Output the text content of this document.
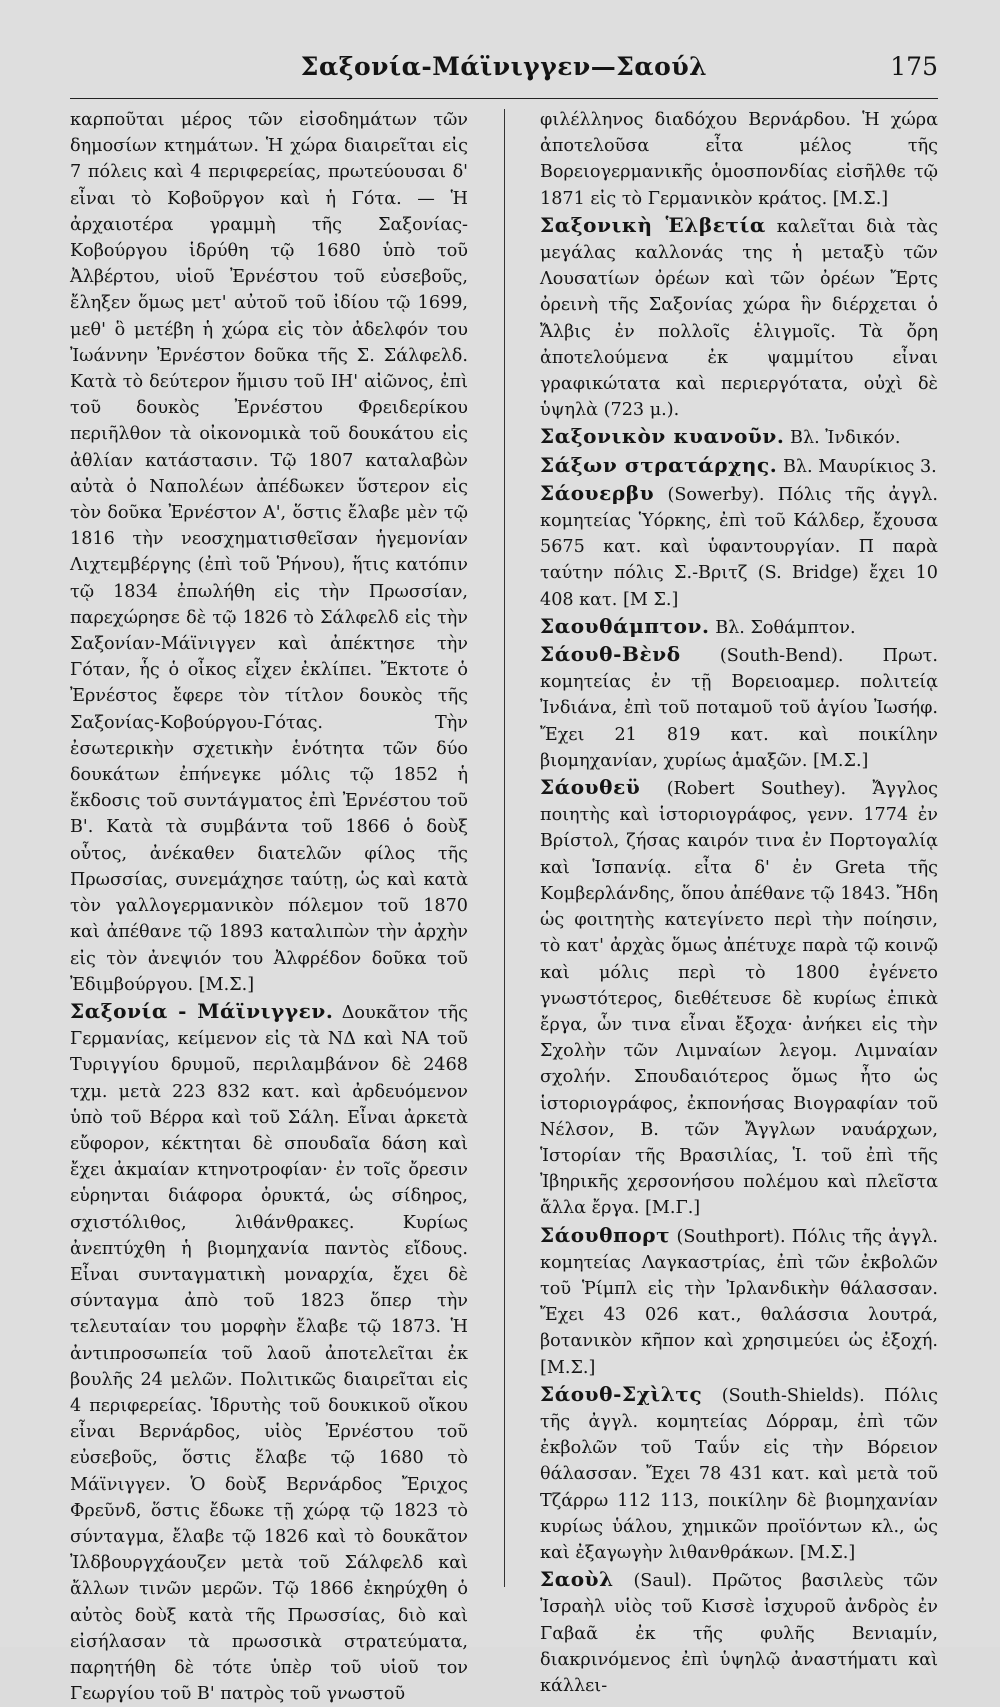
Σαξονία-Μάϊνιγγεν—Σαούλ	175

καρποῦται μέρος τῶν εἰσοδημάτων τῶν δημοσίων κτημάτων. Ἡ χώρα διαιρεῖται εἰς 7 πόλεις καὶ 4 περιφερείας, πρωτεύουσαι δ' εἶναι τὸ Κοβοῦργον καὶ ἡ Γότα. — Ἡ ἀρχαιοτέρα γραμμὴ τῆς Σαξονίας-Κοβούργου ἱδρύθη τῷ 1680 ὑπὸ τοῦ Ἀλβέρτου, υἱοῦ Ἐρνέστου τοῦ εὐσεβοῦς, ἔληξεν ὅμως μετ' αὐτοῦ τοῦ ἰδίου τῷ 1699, μεθ' ὃ μετέβη ἡ χώρα εἰς τὸν ἀδελφόν του Ἰωάννην Ἐρνέστον δοῦκα τῆς Σ. Σάλφελδ. Κατὰ τὸ δεύτερον ἥμισυ τοῦ ΙΗ' αἰῶνος, ἐπὶ τοῦ δουκὸς Ἐρνέστου Φρειδερίκου περιῆλθον τὰ οἰκονομικὰ τοῦ δουκάτου εἰς ἀθλίαν κατάστασιν. Τῷ 1807 καταλαβὼν αὐτὰ ὁ Ναπολέων ἀπέδωκεν ὕστερον εἰς τὸν δοῦκα Ἐρνέστον Α', ὅστις ἔλαβε μὲν τῷ 1816 τὴν νεοσχηματισθεῖσαν ἡγεμονίαν Λιχτεμβέργης (ἐπὶ τοῦ Ῥήνου), ἥτις κατόπιν τῷ 1834 ἐπωλήθη εἰς τὴν Πρωσσίαν, παρεχώρησε δὲ τῷ 1826 τὸ Σάλφελδ εἰς τὴν Σαξονίαν-Μάϊνιγγεν καὶ ἀπέκτησε τὴν Γόταν, ἧς ὁ οἶκος εἶχεν ἐκλίπει. Ἔκτοτε ὁ Ἐρνέστος ἔφερε τὸν τίτλον δουκὸς τῆς Σαξονίας-Κοβούργου-Γότας. Τὴν ἐσωτερικὴν σχετικὴν ἑνότητα τῶν δύο δουκάτων ἐπήνεγκε μόλις τῷ 1852 ἡ ἔκδοσις τοῦ συντάγματος ἐπὶ Ἐρνέστου τοῦ Β'. Κατὰ τὰ συμβάντα τοῦ 1866 ὁ δοὺξ οὗτος, ἀνέκαθεν διατελῶν φίλος τῆς Πρωσσίας, συνεμάχησε ταύτῃ, ὡς καὶ κατὰ τὸν γαλλογερμανικὸν πόλεμον τοῦ 1870 καὶ ἀπέθανε τῷ 1893 καταλιπὼν τὴν ἀρχὴν εἰς τὸν ἀνεψιόν του Ἀλφρέδον δοῦκα τοῦ Ἐδιμβούργου. [Μ.Σ.]

Σαξονία - Μάϊνιγγεν. Δουκᾶτον τῆς Γερμανίας, κείμενον εἰς τὰ ΝΔ καὶ ΝΑ τοῦ Τυριγγίου δρυμοῦ, περιλαμβάνον δὲ 2468 τχμ. μετὰ 223 832 κατ. καὶ ἀρδευόμενον ὑπὸ τοῦ Βέρρα καὶ τοῦ Σάλη. Εἶναι ἀρκετὰ εὔφορον, κέκτηται δὲ σπουδαῖα δάση καὶ ἔχει ἀκμαίαν κτηνοτροφίαν· ἐν τοῖς ὄρεσιν εὑρηνται διάφορα ὀρυκτά, ὡς σίδηρος, σχιστόλιθος, λιθάνθρακες. Κυρίως ἀνεπτύχθη ἡ βιομηχανία παντὸς εἴδους. Εἶναι συνταγματικὴ μοναρχία, ἔχει δὲ σύνταγμα ἀπὸ τοῦ 1823 ὅπερ τὴν τελευταίαν του μορφὴν ἔλαβε τῷ 1873. Ἡ ἀντιπροσωπεία τοῦ λαοῦ ἀποτελεῖται ἐκ βουλῆς 24 μελῶν. Πολιτικῶς διαιρεῖται εἰς 4 περιφερείας. Ἱδρυτὴς τοῦ δουκικοῦ οἴκου εἶναι Βερνάρδος, υἱὸς Ἐρνέστου τοῦ εὐσεβοῦς, ὅστις ἔλαβε τῷ 1680 τὸ Μάϊνιγγεν. Ὁ δοὺξ Βερνάρδος Ἔριχος Φρεῦνδ, ὅστις ἔδωκε τῇ χώρᾳ τῷ 1823 τὸ σύνταγμα, ἔλαβε τῷ 1826 καὶ τὸ δουκᾶτον Ἰλδβουργχάουζεν μετὰ τοῦ Σάλφελδ καὶ ἄλλων τινῶν μερῶν. Τῷ 1866 ἐκηρύχθη ὁ αὐτὸς δοὺξ κατὰ τῆς Πρωσσίας, διὸ καὶ εἰσήλασαν τὰ πρωσσικὰ στρατεύματα, παρητήθη δὲ τότε ὑπὲρ τοῦ υἱοῦ τον Γεωργίου τοῦ Β' πατρὸς τοῦ γνωστοῦ

φιλέλληνος διαδόχου Βερνάρδου. Ἡ χώρα ἀποτελοῦσα εἶτα μέλος τῆς Βορειογερμανικῆς ὁμοσπονδίας εἰσῆλθε τῷ 1871 εἰς τὸ Γερμανικὸν κράτος. [Μ.Σ.]

Σαξονικὴ Ἑλβετία καλεῖται διὰ τὰς μεγάλας καλλονάς της ἡ μεταξὺ τῶν Λουσατίων ὀρέων καὶ τῶν ὀρέων Ἔρτς ὀρεινὴ τῆς Σαξονίας χώρα ἣν διέρχεται ὁ Ἄλβις ἐν πολλοῖς ἑλιγμοῖς. Τὰ ὄρη ἀποτελούμενα ἐκ ψαμμίτου εἶναι γραφικώτατα καὶ περιεργότατα, οὐχὶ δὲ ὑψηλὰ (723 μ.).

Σαξονικὸν κυανοῦν. Βλ. Ἰνδικόν.

Σάξων στρατάρχης. Βλ. Μαυρίκιος 3.

Σάουερβυ (Sowerby). Πόλις τῆς ἀγγλ. κομητείας Ὑόρκης, ἐπὶ τοῦ Κάλδερ, ἔχουσα 5675 κατ. καὶ ὑφαντουργίαν. Π παρὰ ταύτην πόλις Σ.-Βριτζ (S. Bridge) ἔχει 10 408 κατ. [Μ Σ.]

Σαουθάμπτον. Βλ. Σοθάμπτον.

Σάουθ-Βὲνδ (South-Bend). Πρωτ. κομητείας ἐν τῇ Βορειοαμερ. πολιτείᾳ Ἰνδιάνα, ἐπὶ τοῦ ποταμοῦ τοῦ ἁγίου Ἰωσήφ. Ἔχει 21 819 κατ. καὶ ποικίλην βιομηχανίαν, χυρίως ἁμαξῶν. [Μ.Σ.]

Σάουθεϋ (Robert Southey). Ἄγγλος ποιητὴς καὶ ἱστοριογράφος, γενν. 1774 ἐν Βρίστολ, ζήσας καιρόν τινα ἐν Πορτογαλίᾳ καὶ Ἱσπανίᾳ. εἶτα δ' ἐν Greta τῆς Κομβερλάνδης, ὅπου ἀπέθανε τῷ 1843. Ἤδη ὡς φοιτητὴς κατεγίνετο περὶ τὴν ποίησιν, τὸ κατ' ἀρχὰς ὅμως ἀπέτυχε παρὰ τῷ κοινῷ καὶ μόλις περὶ τὸ 1800 ἐγένετο γνωστότερος, διεθέτευσε δὲ κυρίως ἐπικὰ ἔργα, ὧν τινα εἶναι ἔξοχα· ἀνήκει εἰς τὴν Σχολὴν τῶν Λιμναίων λεγομ. Λιμναίαν σχολήν. Σπουδαιότερος ὅμως ἦτο ὡς ἱστοριογράφος, ἐκπονήσας Βιογραφίαν τοῦ Νέλσον, Β. τῶν Ἄγγλων ναυάρχων, Ἱστορίαν τῆς Βρασιλίας, Ἱ. τοῦ ἐπὶ τῆς Ἰβηρικῆς χερσονήσου πολέμου καὶ πλεῖστα ἄλλα ἔργα. [Μ.Γ.]

Σάουθπορτ (Southport). Πόλις τῆς ἀγγλ. κομητείας Λαγκαστρίας, ἐπὶ τῶν ἐκβολῶν τοῦ Ῥίμπλ εἰς τὴν Ἰρλανδικὴν θάλασσαν. Ἔχει 43 026 κατ., θαλάσσια λουτρά, βοτανικὸν κῆπον καὶ χρησιμεύει ὡς ἐξοχή. [Μ.Σ.]

Σάουθ-Σχὶλτς (South-Shields). Πόλις τῆς ἀγγλ. κομητείας Δόρραμ, ἐπὶ τῶν ἐκβολῶν τοῦ Ταΰν εἰς τὴν Βόρειον θάλασσαν. Ἔχει 78 431 κατ. καὶ μετὰ τοῦ Τζάρρω 112 113, ποικίλην δὲ βιομηχανίαν κυρίως ὑάλου, χημικῶν προϊόντων κλ., ὡς καὶ ἐξαγωγὴν λιθανθράκων. [Μ.Σ.]

Σαοὺλ (Saul). Πρῶτος βασιλεὺς τῶν Ἰσραὴλ υἱὸς τοῦ Κισσὲ ἰσχυροῦ ἀνδρὸς ἐν Γαβαᾶ ἐκ τῆς φυλῆς Βενιαμίν, διακρινόμενος ἐπὶ ὑψηλῷ ἀναστήματι καὶ κάλλει-
